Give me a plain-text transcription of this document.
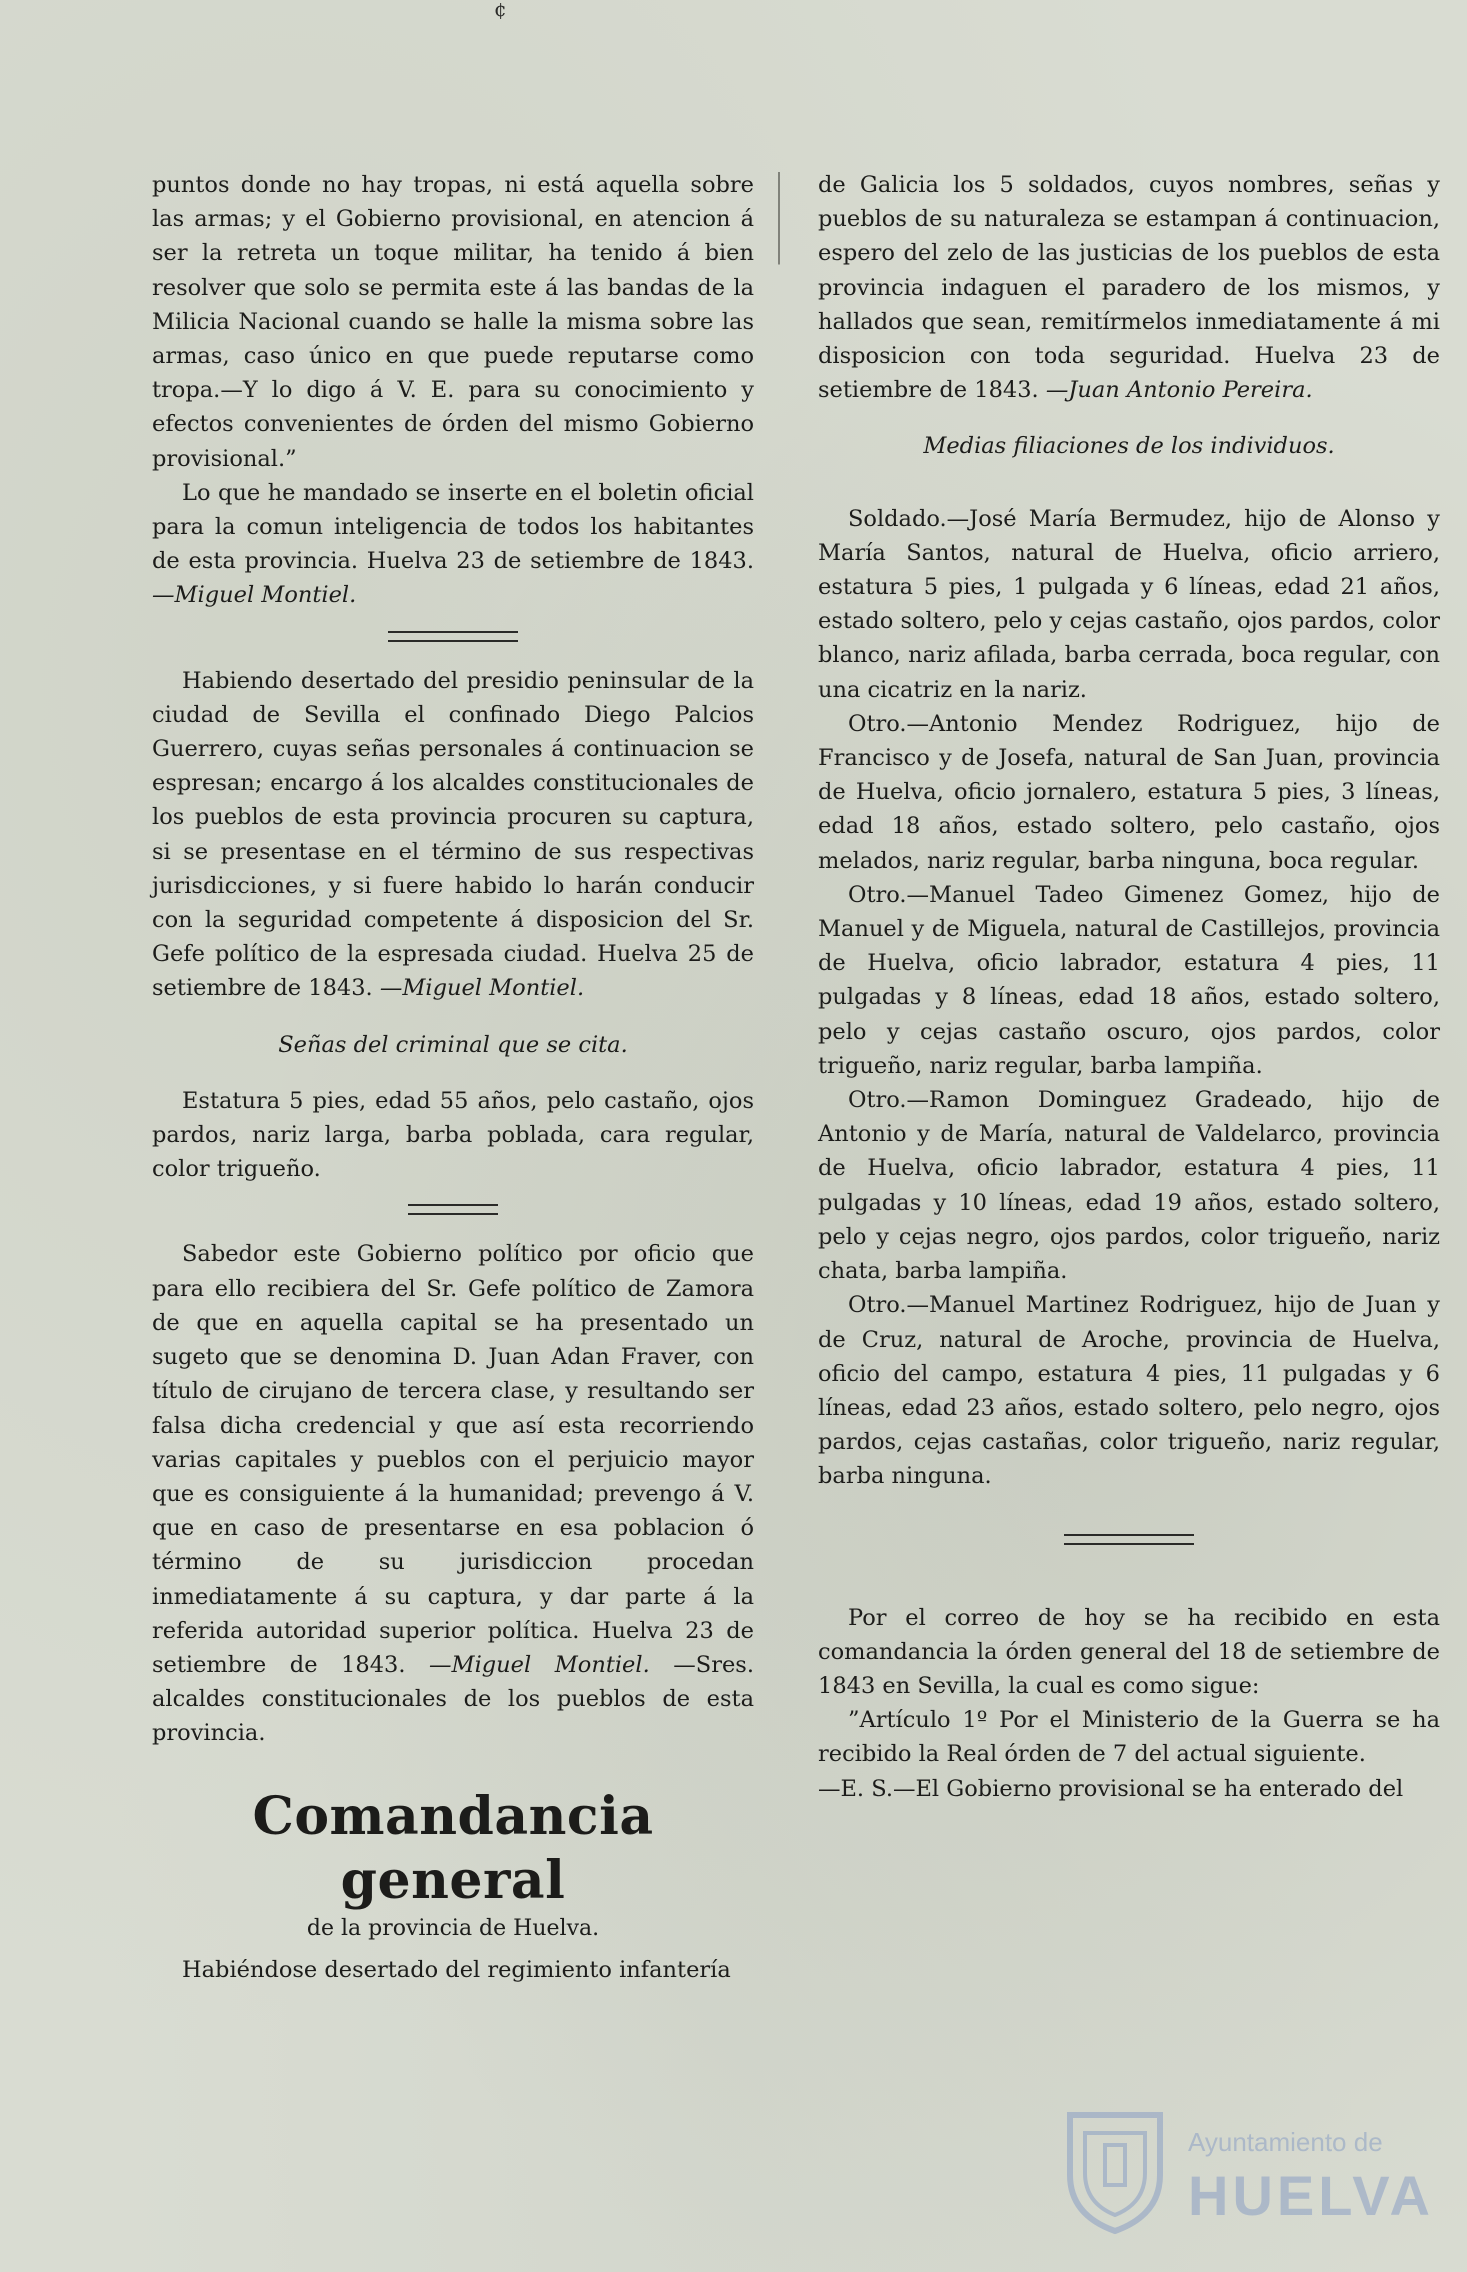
¢

puntos donde no hay tropas, ni está aquella sobre las armas; y el Gobierno provisional, en atencion á ser la retreta un toque militar, ha tenido á bien resolver que solo se permita este á las bandas de la Milicia Nacional cuando se halle la misma sobre las armas, caso único en que puede reputarse como tropa.—Y lo digo á V. E. para su conocimiento y efectos convenientes de órden del mismo Gobierno provisional.”

Lo que he mandado se inserte en el boletin oficial para la comun inteligencia de todos los habitantes de esta provincia. Huelva 23 de setiembre de 1843. —Miguel Montiel.

Habiendo desertado del presidio peninsular de la ciudad de Sevilla el confinado Diego Palcios Guerrero, cuyas señas personales á continuacion se espresan; encargo á los alcaldes constitucionales de los pueblos de esta provincia procuren su captura, si se presentase en el término de sus respectivas jurisdicciones, y si fuere habido lo harán conducir con la seguridad competente á disposicion del Sr. Gefe político de la espresada ciudad. Huelva 25 de setiembre de 1843. —Miguel Montiel.

Señas del criminal que se cita.

Estatura 5 pies, edad 55 años, pelo castaño, ojos pardos, nariz larga, barba poblada, cara regular, color trigueño.

Sabedor este Gobierno político por oficio que para ello recibiera del Sr. Gefe político de Zamora de que en aquella capital se ha presentado un sugeto que se denomina D. Juan Adan Fraver, con título de cirujano de tercera clase, y resultando ser falsa dicha credencial y que así esta recorriendo varias capitales y pueblos con el perjuicio mayor que es consiguiente á la humanidad; prevengo á V. que en caso de presentarse en esa poblacion ó término de su jurisdiccion procedan inmediatamente á su captura, y dar parte á la referida autoridad superior política. Huelva 23 de setiembre de 1843. —Miguel Montiel. —Sres. alcaldes constitucionales de los pueblos de esta provincia.

Comandancia general
de la provincia de Huelva.

Habiéndose desertado del regimiento infantería

de Galicia los 5 soldados, cuyos nombres, señas y pueblos de su naturaleza se estampan á continuacion, espero del zelo de las justicias de los pueblos de esta provincia indaguen el paradero de los mismos, y hallados que sean, remitírmelos inmediatamente á mi disposicion con toda seguridad. Huelva 23 de setiembre de 1843. —Juan Antonio Pereira.

Medias filiaciones de los individuos.

Soldado.—José María Bermudez, hijo de Alonso y María Santos, natural de Huelva, oficio arriero, estatura 5 pies, 1 pulgada y 6 líneas, edad 21 años, estado soltero, pelo y cejas castaño, ojos pardos, color blanco, nariz afilada, barba cerrada, boca regular, con una cicatriz en la nariz.

Otro.—Antonio Mendez Rodriguez, hijo de Francisco y de Josefa, natural de San Juan, provincia de Huelva, oficio jornalero, estatura 5 pies, 3 líneas, edad 18 años, estado soltero, pelo castaño, ojos melados, nariz regular, barba ninguna, boca regular.

Otro.—Manuel Tadeo Gimenez Gomez, hijo de Manuel y de Miguela, natural de Castillejos, provincia de Huelva, oficio labrador, estatura 4 pies, 11 pulgadas y 8 líneas, edad 18 años, estado soltero, pelo y cejas castaño oscuro, ojos pardos, color trigueño, nariz regular, barba lampiña.

Otro.—Ramon Dominguez Gradeado, hijo de Antonio y de María, natural de Valdelarco, provincia de Huelva, oficio labrador, estatura 4 pies, 11 pulgadas y 10 líneas, edad 19 años, estado soltero, pelo y cejas negro, ojos pardos, color trigueño, nariz chata, barba lampiña.

Otro.—Manuel Martinez Rodriguez, hijo de Juan y de Cruz, natural de Aroche, provincia de Huelva, oficio del campo, estatura 4 pies, 11 pulgadas y 6 líneas, edad 23 años, estado soltero, pelo negro, ojos pardos, cejas castañas, color trigueño, nariz regular, barba ninguna.

Por el correo de hoy se ha recibido en esta comandancia la órden general del 18 de setiembre de 1843 en Sevilla, la cual es como sigue:

”Artículo 1º Por el Ministerio de la Guerra se ha recibido la Real órden de 7 del actual siguiente.

—E. S.—El Gobierno provisional se ha enterado del

Ayuntamiento de
HUELVA
